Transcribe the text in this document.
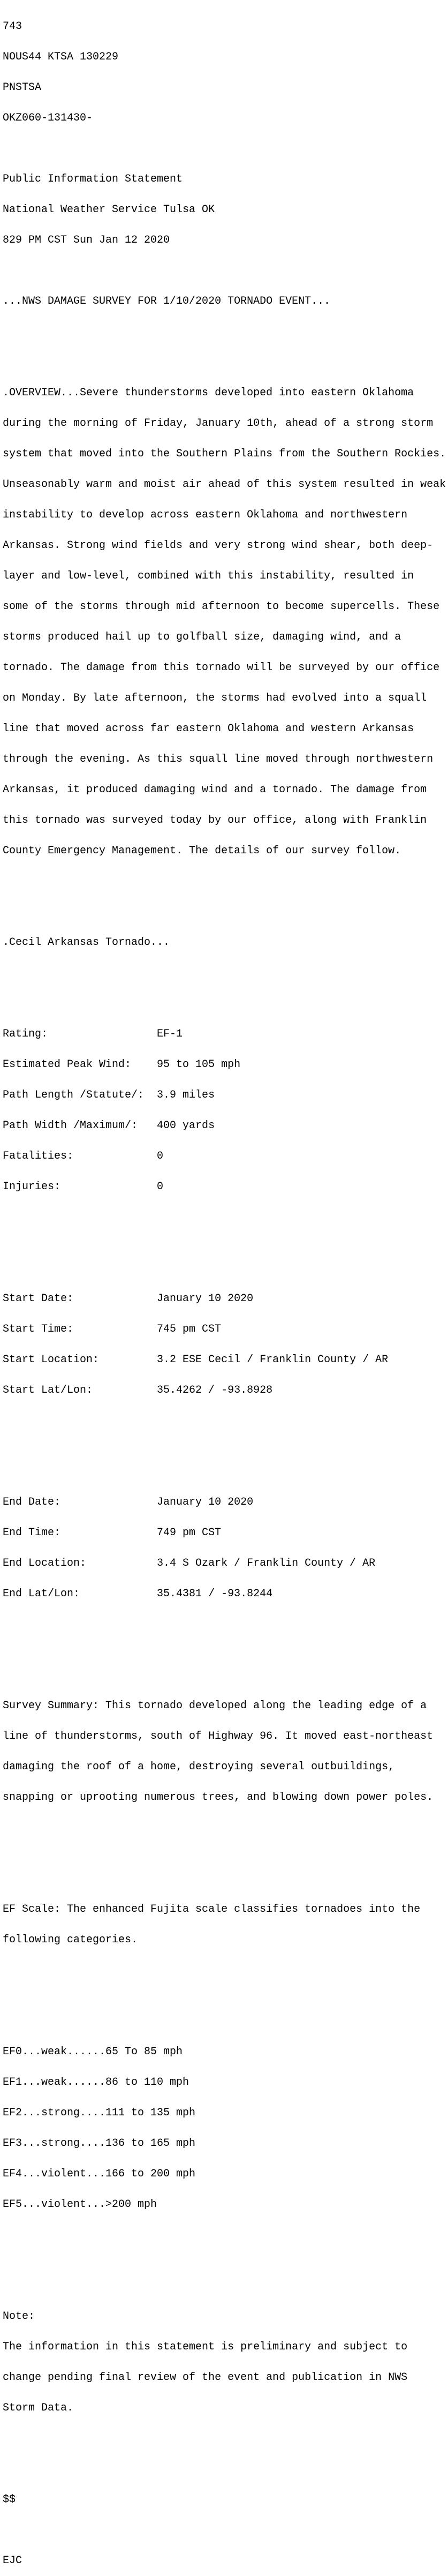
743

NOUS44 KTSA 130229

PNSTSA

OKZ060-131430-

Public Information Statement

National Weather Service Tulsa OK

829 PM CST Sun Jan 12 2020

...NWS DAMAGE SURVEY FOR 1/10/2020 TORNADO EVENT...

.OVERVIEW...Severe thunderstorms developed into eastern Oklahoma

during the morning of Friday, January 10th, ahead of a strong storm

system that moved into the Southern Plains from the Southern Rockies.

Unseasonably warm and moist air ahead of this system resulted in weak

instability to develop across eastern Oklahoma and northwestern

Arkansas. Strong wind fields and very strong wind shear, both deep-

layer and low-level, combined with this instability, resulted in

some of the storms through mid afternoon to become supercells. These

storms produced hail up to golfball size, damaging wind, and a

tornado. The damage from this tornado will be surveyed by our office

on Monday. By late afternoon, the storms had evolved into a squall

line that moved across far eastern Oklahoma and western Arkansas

through the evening. As this squall line moved through northwestern

Arkansas, it produced damaging wind and a tornado. The damage from

this tornado was surveyed today by our office, along with Franklin

County Emergency Management. The details of our survey follow.

.Cecil Arkansas Tornado...

Rating:                 EF-1

Estimated Peak Wind:    95 to 105 mph

Path Length /Statute/:  3.9 miles

Path Width /Maximum/:   400 yards

Fatalities:             0

Injuries:               0

Start Date:             January 10 2020

Start Time:             745 pm CST

Start Location:         3.2 ESE Cecil / Franklin County / AR

Start Lat/Lon:          35.4262 / -93.8928

End Date:               January 10 2020

End Time:               749 pm CST

End Location:           3.4 S Ozark / Franklin County / AR

End Lat/Lon:            35.4381 / -93.8244

Survey Summary: This tornado developed along the leading edge of a

line of thunderstorms, south of Highway 96. It moved east-northeast

damaging the roof of a home, destroying several outbuildings,

snapping or uprooting numerous trees, and blowing down power poles.

EF Scale: The enhanced Fujita scale classifies tornadoes into the

following categories.

EF0...weak......65 To 85 mph

EF1...weak......86 to 110 mph

EF2...strong....111 to 135 mph

EF3...strong....136 to 165 mph

EF4...violent...166 to 200 mph

EF5...violent...>200 mph

Note:

The information in this statement is preliminary and subject to

change pending final review of the event and publication in NWS

Storm Data.

$$

EJC
